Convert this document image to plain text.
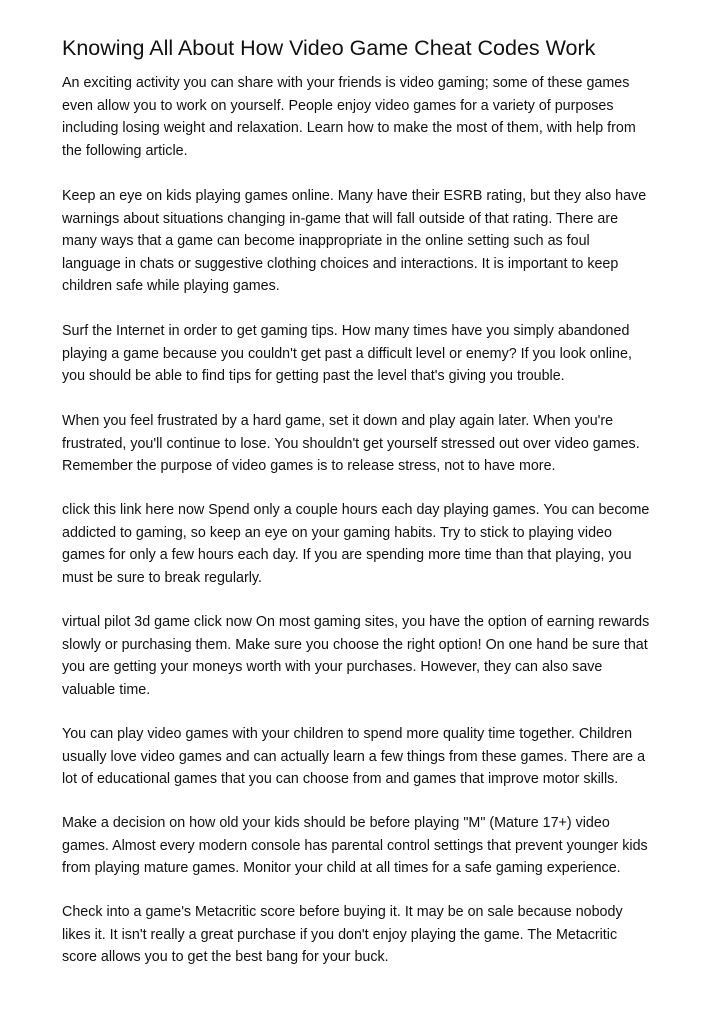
Knowing All About How Video Game Cheat Codes Work

An exciting activity you can share with your friends is video gaming; some of these games
even allow you to work on yourself. People enjoy video games for a variety of purposes
including losing weight and relaxation. Learn how to make the most of them, with help from
the following article.

Keep an eye on kids playing games online. Many have their ESRB rating, but they also have
warnings about situations changing in-game that will fall outside of that rating. There are
many ways that a game can become inappropriate in the online setting such as foul
language in chats or suggestive clothing choices and interactions. It is important to keep
children safe while playing games.

Surf the Internet in order to get gaming tips. How many times have you simply abandoned
playing a game because you couldn't get past a difficult level or enemy? If you look online,
you should be able to find tips for getting past the level that's giving you trouble.

When you feel frustrated by a hard game, set it down and play again later. When you're
frustrated, you'll continue to lose. You shouldn't get yourself stressed out over video games.
Remember the purpose of video games is to release stress, not to have more.

click this link here now Spend only a couple hours each day playing games. You can become
addicted to gaming, so keep an eye on your gaming habits. Try to stick to playing video
games for only a few hours each day. If you are spending more time than that playing, you
must be sure to break regularly.

virtual pilot 3d game click now On most gaming sites, you have the option of earning rewards
slowly or purchasing them. Make sure you choose the right option! On one hand be sure that
you are getting your moneys worth with your purchases. However, they can also save
valuable time.

You can play video games with your children to spend more quality time together. Children
usually love video games and can actually learn a few things from these games. There are a
lot of educational games that you can choose from and games that improve motor skills.

Make a decision on how old your kids should be before playing "M" (Mature 17+) video
games. Almost every modern console has parental control settings that prevent younger kids
from playing mature games. Monitor your child at all times for a safe gaming experience.

Check into a game's Metacritic score before buying it. It may be on sale because nobody
likes it. It isn't really a great purchase if you don't enjoy playing the game. The Metacritic
score allows you to get the best bang for your buck.
